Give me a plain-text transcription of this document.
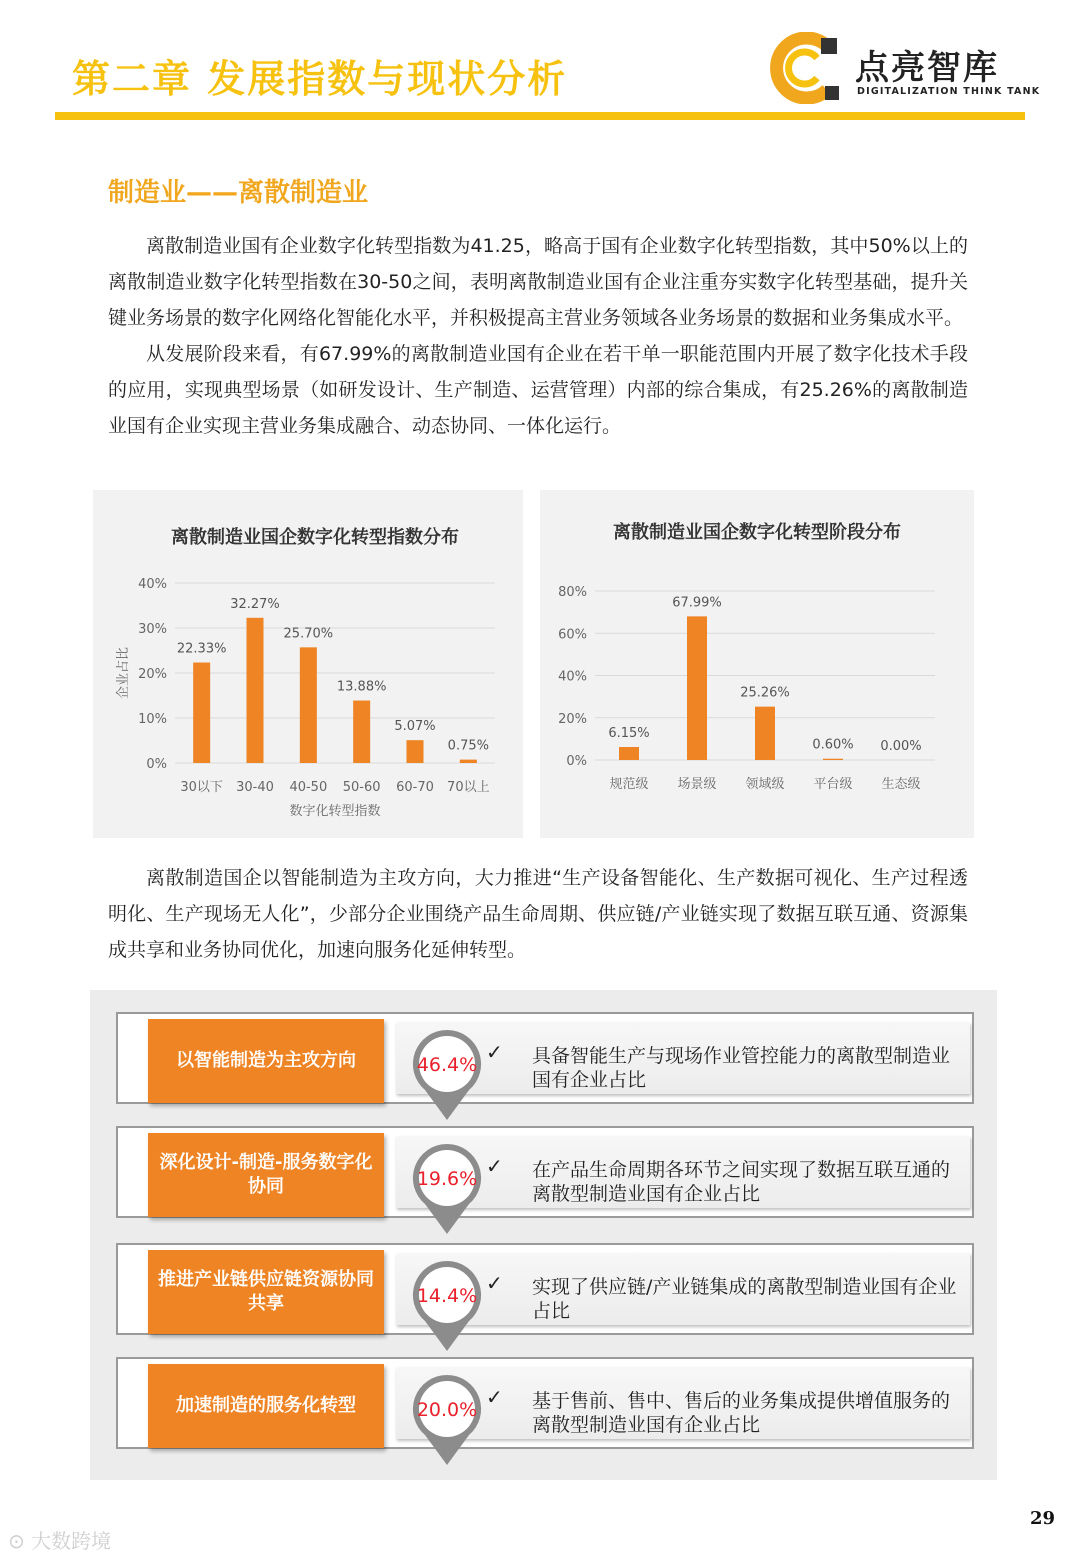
第二章 发展指数与现状分析	点亮智库
DIGITALIZATION THINK TANK
制造业——离散制造业

离散制造业国有企业数字化转型指数为41.25，略高于国有企业数字化转型指数，其中50%以上的离散制造业数字化转型指数在30-50之间，表明离散制造业国有企业注重夯实数字化转型基础，提升关键业务场景的数字化网络化智能化水平，并积极提高主营业务领域各业务场景的数据和业务集成水平。

从发展阶段来看，有67.99%的离散制造业国有企业在若干单一职能范围内开展了数字化技术手段的应用，实现典型场景（如研发设计、生产制造、运营管理）内部的综合集成，有25.26%的离散制造业国有企业实现主营业务集成融合、动态协同、一体化运行。

离散制造业国企数字化转型指数分布
0%
10%
20%
30%
40%
22.33%
30以下
32.27%
30-40
25.70%
40-50
13.88%
50-60
5.07%
60-70
0.75%
70以上
数字化转型指数
企业占比
离散制造业国企数字化转型阶段分布
0%
20%
40%
60%
80%
6.15%
规范级
67.99%
场景级
25.26%
领域级
0.60%
平台级
0.00%
生态级

离散制造国企以智能制造为主攻方向，大力推进“生产设备智能化、生产数据可视化、生产过程透明化、生产现场无人化”，少部分企业围绕产品生命周期、供应链/产业链实现了数据互联互通、资源集成共享和业务协同优化，加速向服务化延伸转型。

以智能制造为主攻方向	46.4%
✓ 具备智能生产与现场作业管控能力的离散型制造业国有企业占比
深化设计-制造-服务数字化协同	19.6%
✓ 在产品生命周期各环节之间实现了数据互联互通的离散型制造业国有企业占比
推进产业链供应链资源协同共享	14.4%
✓ 实现了供应链/产业链集成的离散型制造业国有企业占比
加速制造的服务化转型	20.0%
✓ 基于售前、售中、售后的业务集成提供增值服务的离散型制造业国有企业占比
29
⊙ 大数跨境
